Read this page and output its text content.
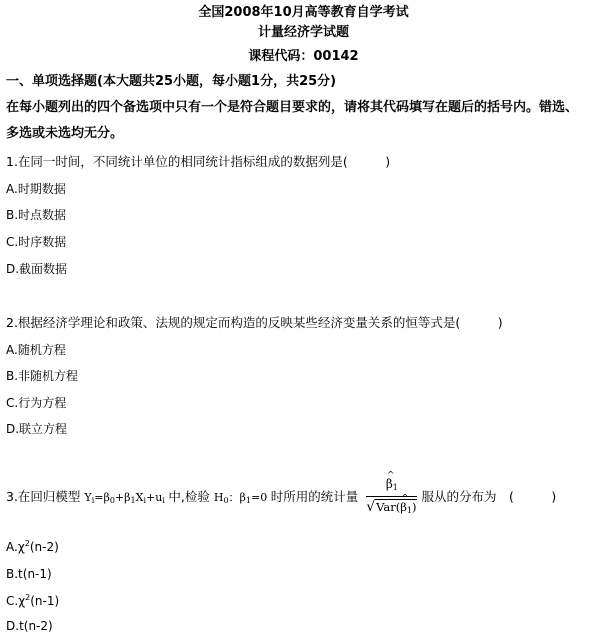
全国2008年10月高等教育自学考试
计量经济学试题
课程代码：00142
一、单项选择题(本大题共25小题，每小题1分，共25分)
在每小题列出的四个备选项中只有一个是符合题目要求的，请将其代码填写在题后的括号内。错选、
多选或未选均无分。
1.在同一时间，不同统计单位的相同统计指标组成的数据列是(　　　)
A.时期数据
B.时点数据
C.时序数据
D.截面数据
2.根据经济学理论和政策、法规的规定而构造的反映某些经济变量关系的恒等式是(　　　)
A.随机方程
B.非随机方程
C.行为方程
D.联立方程
3.在回归模型 $Y_i=\beta_0+\beta_1X_i+u_i$ 中,检验 $H_0$：$\beta_1=0$ 时所用的统计量
^ $\frac{\beta_1}{√Var(\^{} \beta_1)}$ 服从的分布为　(　　　)
$A.\chi^2(n-2)$
B.t(n-1)
$C.\chi^2(n-1)$
D.t(n-2)
